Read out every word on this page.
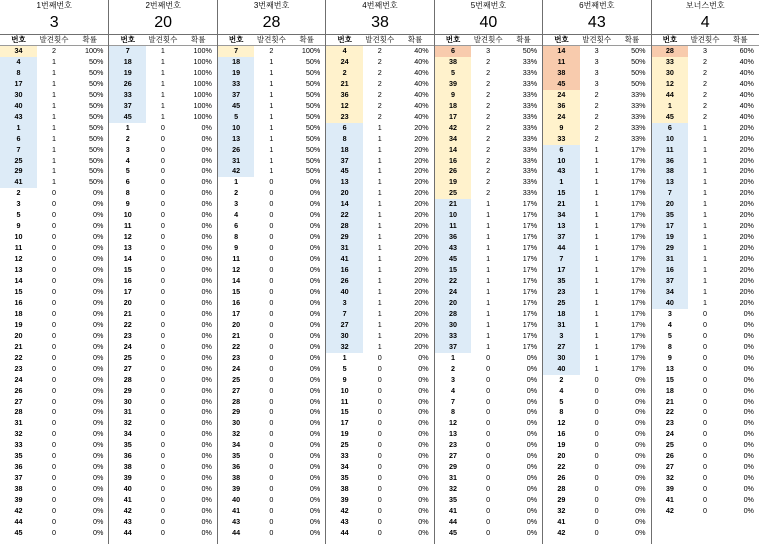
1번째번호
3
번호	발견횟수	확률
34	2	100%
4	1	50%
8	1	50%
17	1	50%
30	1	50%
40	1	50%
43	1	50%
1	1	50%
6	1	50%
7	1	50%
25	1	50%
29	1	50%
41	1	50%
2	0	0%
3	0	0%
5	0	0%
9	0	0%
10	0	0%
11	0	0%
12	0	0%
13	0	0%
14	0	0%
15	0	0%
16	0	0%
18	0	0%
19	0	0%
20	0	0%
21	0	0%
22	0	0%
23	0	0%
24	0	0%
26	0	0%
27	0	0%
28	0	0%
31	0	0%
32	0	0%
33	0	0%
35	0	0%
36	0	0%
37	0	0%
38	0	0%
39	0	0%
42	0	0%
44	0	0%
45	0	0%
2번째번호
20
번호	발견횟수	확률
7	1	100%
18	1	100%
19	1	100%
26	1	100%
33	1	100%
37	1	100%
45	1	100%
1	0	0%
2	0	0%
3	0	0%
4	0	0%
5	0	0%
6	0	0%
8	0	0%
9	0	0%
10	0	0%
11	0	0%
12	0	0%
13	0	0%
14	0	0%
15	0	0%
16	0	0%
17	0	0%
20	0	0%
21	0	0%
22	0	0%
23	0	0%
24	0	0%
25	0	0%
27	0	0%
28	0	0%
29	0	0%
30	0	0%
31	0	0%
32	0	0%
34	0	0%
35	0	0%
36	0	0%
38	0	0%
39	0	0%
40	0	0%
41	0	0%
42	0	0%
43	0	0%
44	0	0%
3번째번호
28
번호	발견횟수	확률
7	2	100%
18	1	50%
19	1	50%
33	1	50%
37	1	50%
45	1	50%
5	1	50%
10	1	50%
13	1	50%
26	1	50%
31	1	50%
42	1	50%
1	0	0%
2	0	0%
3	0	0%
4	0	0%
6	0	0%
8	0	0%
9	0	0%
11	0	0%
12	0	0%
14	0	0%
15	0	0%
16	0	0%
17	0	0%
20	0	0%
21	0	0%
22	0	0%
23	0	0%
24	0	0%
25	0	0%
27	0	0%
28	0	0%
29	0	0%
30	0	0%
32	0	0%
34	0	0%
35	0	0%
36	0	0%
38	0	0%
39	0	0%
40	0	0%
41	0	0%
43	0	0%
44	0	0%
4번째번호
38
번호	발견횟수	확률
4	2	40%
24	2	40%
2	2	40%
21	2	40%
36	2	40%
12	2	40%
23	2	40%
6	1	20%
8	1	20%
18	1	20%
37	1	20%
45	1	20%
13	1	20%
20	1	20%
14	1	20%
22	1	20%
28	1	20%
29	1	20%
31	1	20%
41	1	20%
16	1	20%
26	1	20%
40	1	20%
3	1	20%
7	1	20%
27	1	20%
30	1	20%
32	1	20%
1	0	0%
5	0	0%
9	0	0%
10	0	0%
11	0	0%
15	0	0%
17	0	0%
19	0	0%
25	0	0%
33	0	0%
34	0	0%
35	0	0%
38	0	0%
39	0	0%
42	0	0%
43	0	0%
44	0	0%
5번째번호
40
번호	발견횟수	확률
6	3	50%
38	2	33%
5	2	33%
39	2	33%
9	2	33%
18	2	33%
17	2	33%
42	2	33%
34	2	33%
14	2	33%
16	2	33%
26	2	33%
19	2	33%
25	2	33%
21	1	17%
10	1	17%
11	1	17%
36	1	17%
43	1	17%
45	1	17%
15	1	17%
22	1	17%
24	1	17%
20	1	17%
28	1	17%
30	1	17%
33	1	17%
37	1	17%
1	0	0%
2	0	0%
3	0	0%
4	0	0%
7	0	0%
8	0	0%
12	0	0%
13	0	0%
23	0	0%
27	0	0%
29	0	0%
31	0	0%
32	0	0%
35	0	0%
41	0	0%
44	0	0%
45	0	0%
6번째번호
43
번호	발견횟수	확률
14	3	50%
11	3	50%
38	3	50%
45	3	50%
24	2	33%
36	2	33%
24	2	33%
9	2	33%
33	2	33%
6	1	17%
10	1	17%
43	1	17%
1	1	17%
15	1	17%
21	1	17%
34	1	17%
13	1	17%
37	1	17%
44	1	17%
7	1	17%
17	1	17%
35	1	17%
23	1	17%
25	1	17%
18	1	17%
31	1	17%
3	1	17%
27	1	17%
30	1	17%
40	1	17%
2	0	0%
4	0	0%
5	0	0%
8	0	0%
12	0	0%
16	0	0%
19	0	0%
20	0	0%
22	0	0%
26	0	0%
28	0	0%
29	0	0%
32	0	0%
41	0	0%
42	0	0%
보너스번호
4
번호	발견횟수	확률
28	3	60%
33	2	40%
30	2	40%
12	2	40%
44	2	40%
1	2	40%
45	2	40%
6	1	20%
10	1	20%
11	1	20%
36	1	20%
38	1	20%
13	1	20%
7	1	20%
20	1	20%
35	1	20%
17	1	20%
19	1	20%
29	1	20%
31	1	20%
16	1	20%
37	1	20%
34	1	20%
40	1	20%
3	0	0%
4	0	0%
5	0	0%
8	0	0%
9	0	0%
13	0	0%
15	0	0%
18	0	0%
21	0	0%
22	0	0%
23	0	0%
24	0	0%
25	0	0%
26	0	0%
27	0	0%
32	0	0%
39	0	0%
41	0	0%
42	0	0%
